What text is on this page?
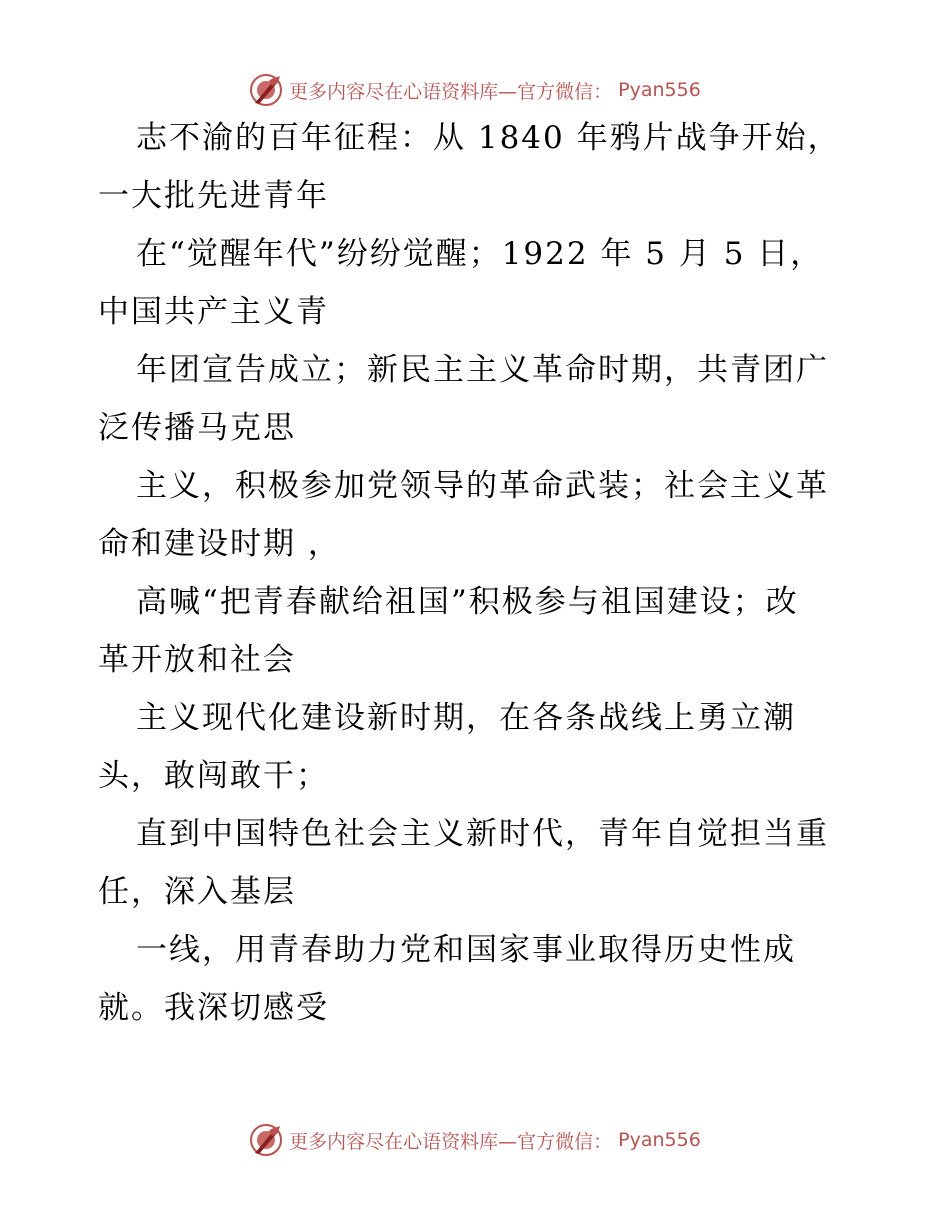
更多内容尽在心语资料库—官方微信： Pyan556
志不渝的百年征程：从 1840 年鸦片战争开始，
一大批先进青年
在“觉醒年代”纷纷觉醒；1922 年 5 月 5 日，
中国共产主义青
年团宣告成立；新民主主义革命时期，共青团广
泛传播马克思
主义，积极参加党领导的革命武装；社会主义革
命和建设时期 ，
高喊“把青春献给祖国”积极参与祖国建设；改
革开放和社会
主义现代化建设新时期，在各条战线上勇立潮
头，敢闯敢干；
直到中国特色社会主义新时代，青年自觉担当重
任，深入基层
一线，用青春助力党和国家事业取得历史性成
就。我深切感受
更多内容尽在心语资料库—官方微信： Pyan556
